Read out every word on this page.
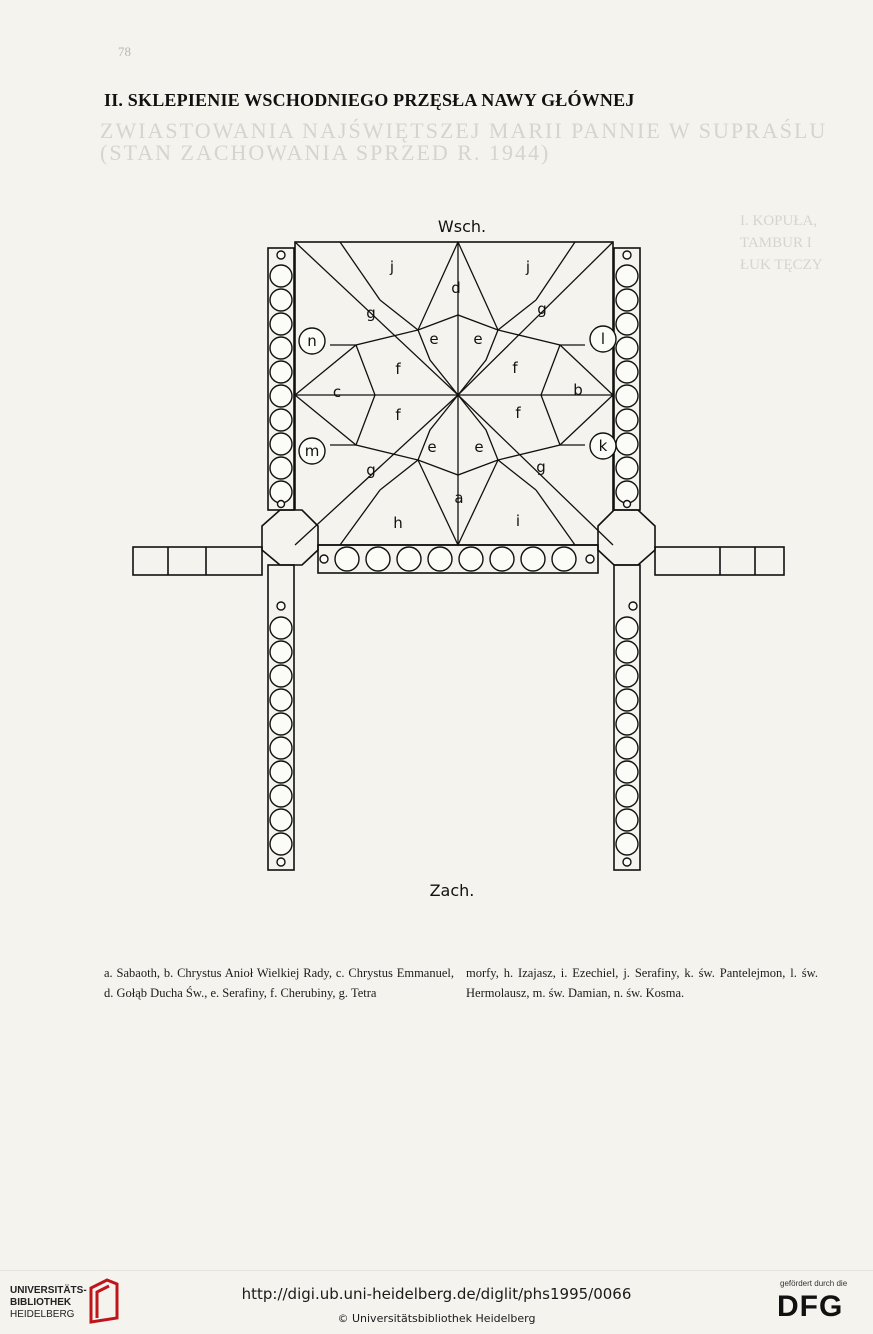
78
ZWIASTOWANIA NAJŚWIĘTSZEJ MARII PANNIE W SUPRAŚLU
(STAN ZACHOWANIA SPRZED R. 1944)
I. KOPUŁA, TAMBUR I ŁUK TĘCZY
II. SKLEPIENIE WSCHODNIEGO PRZĘSŁA NAWY GŁÓWNEJ
Wsch.
Zach.
j	j
d
g	g
e e
n	l
f	f
c	b
f	f
m	k
e	e
g	g
a
h	i
a. Sabaoth, b. Chrystus Anioł Wielkiej Rady, c. Chrystus Emmanuel, d. Gołąb Ducha Św., e. Serafiny, f. Cherubiny, g. Tetra
morfy, h. Izajasz, i. Ezechiel, j. Serafiny, k. św. Pantelejmon, l. św. Hermolausz, m. św. Damian, n. św. Kosma.
UNIVERSITÄTS-
BIBLIOTHEK
HEIDELBERG
http://digi.ub.uni-heidelberg.de/diglit/phs1995/0066
© Universitätsbibliothek Heidelberg
gefördert durch die
DFG
